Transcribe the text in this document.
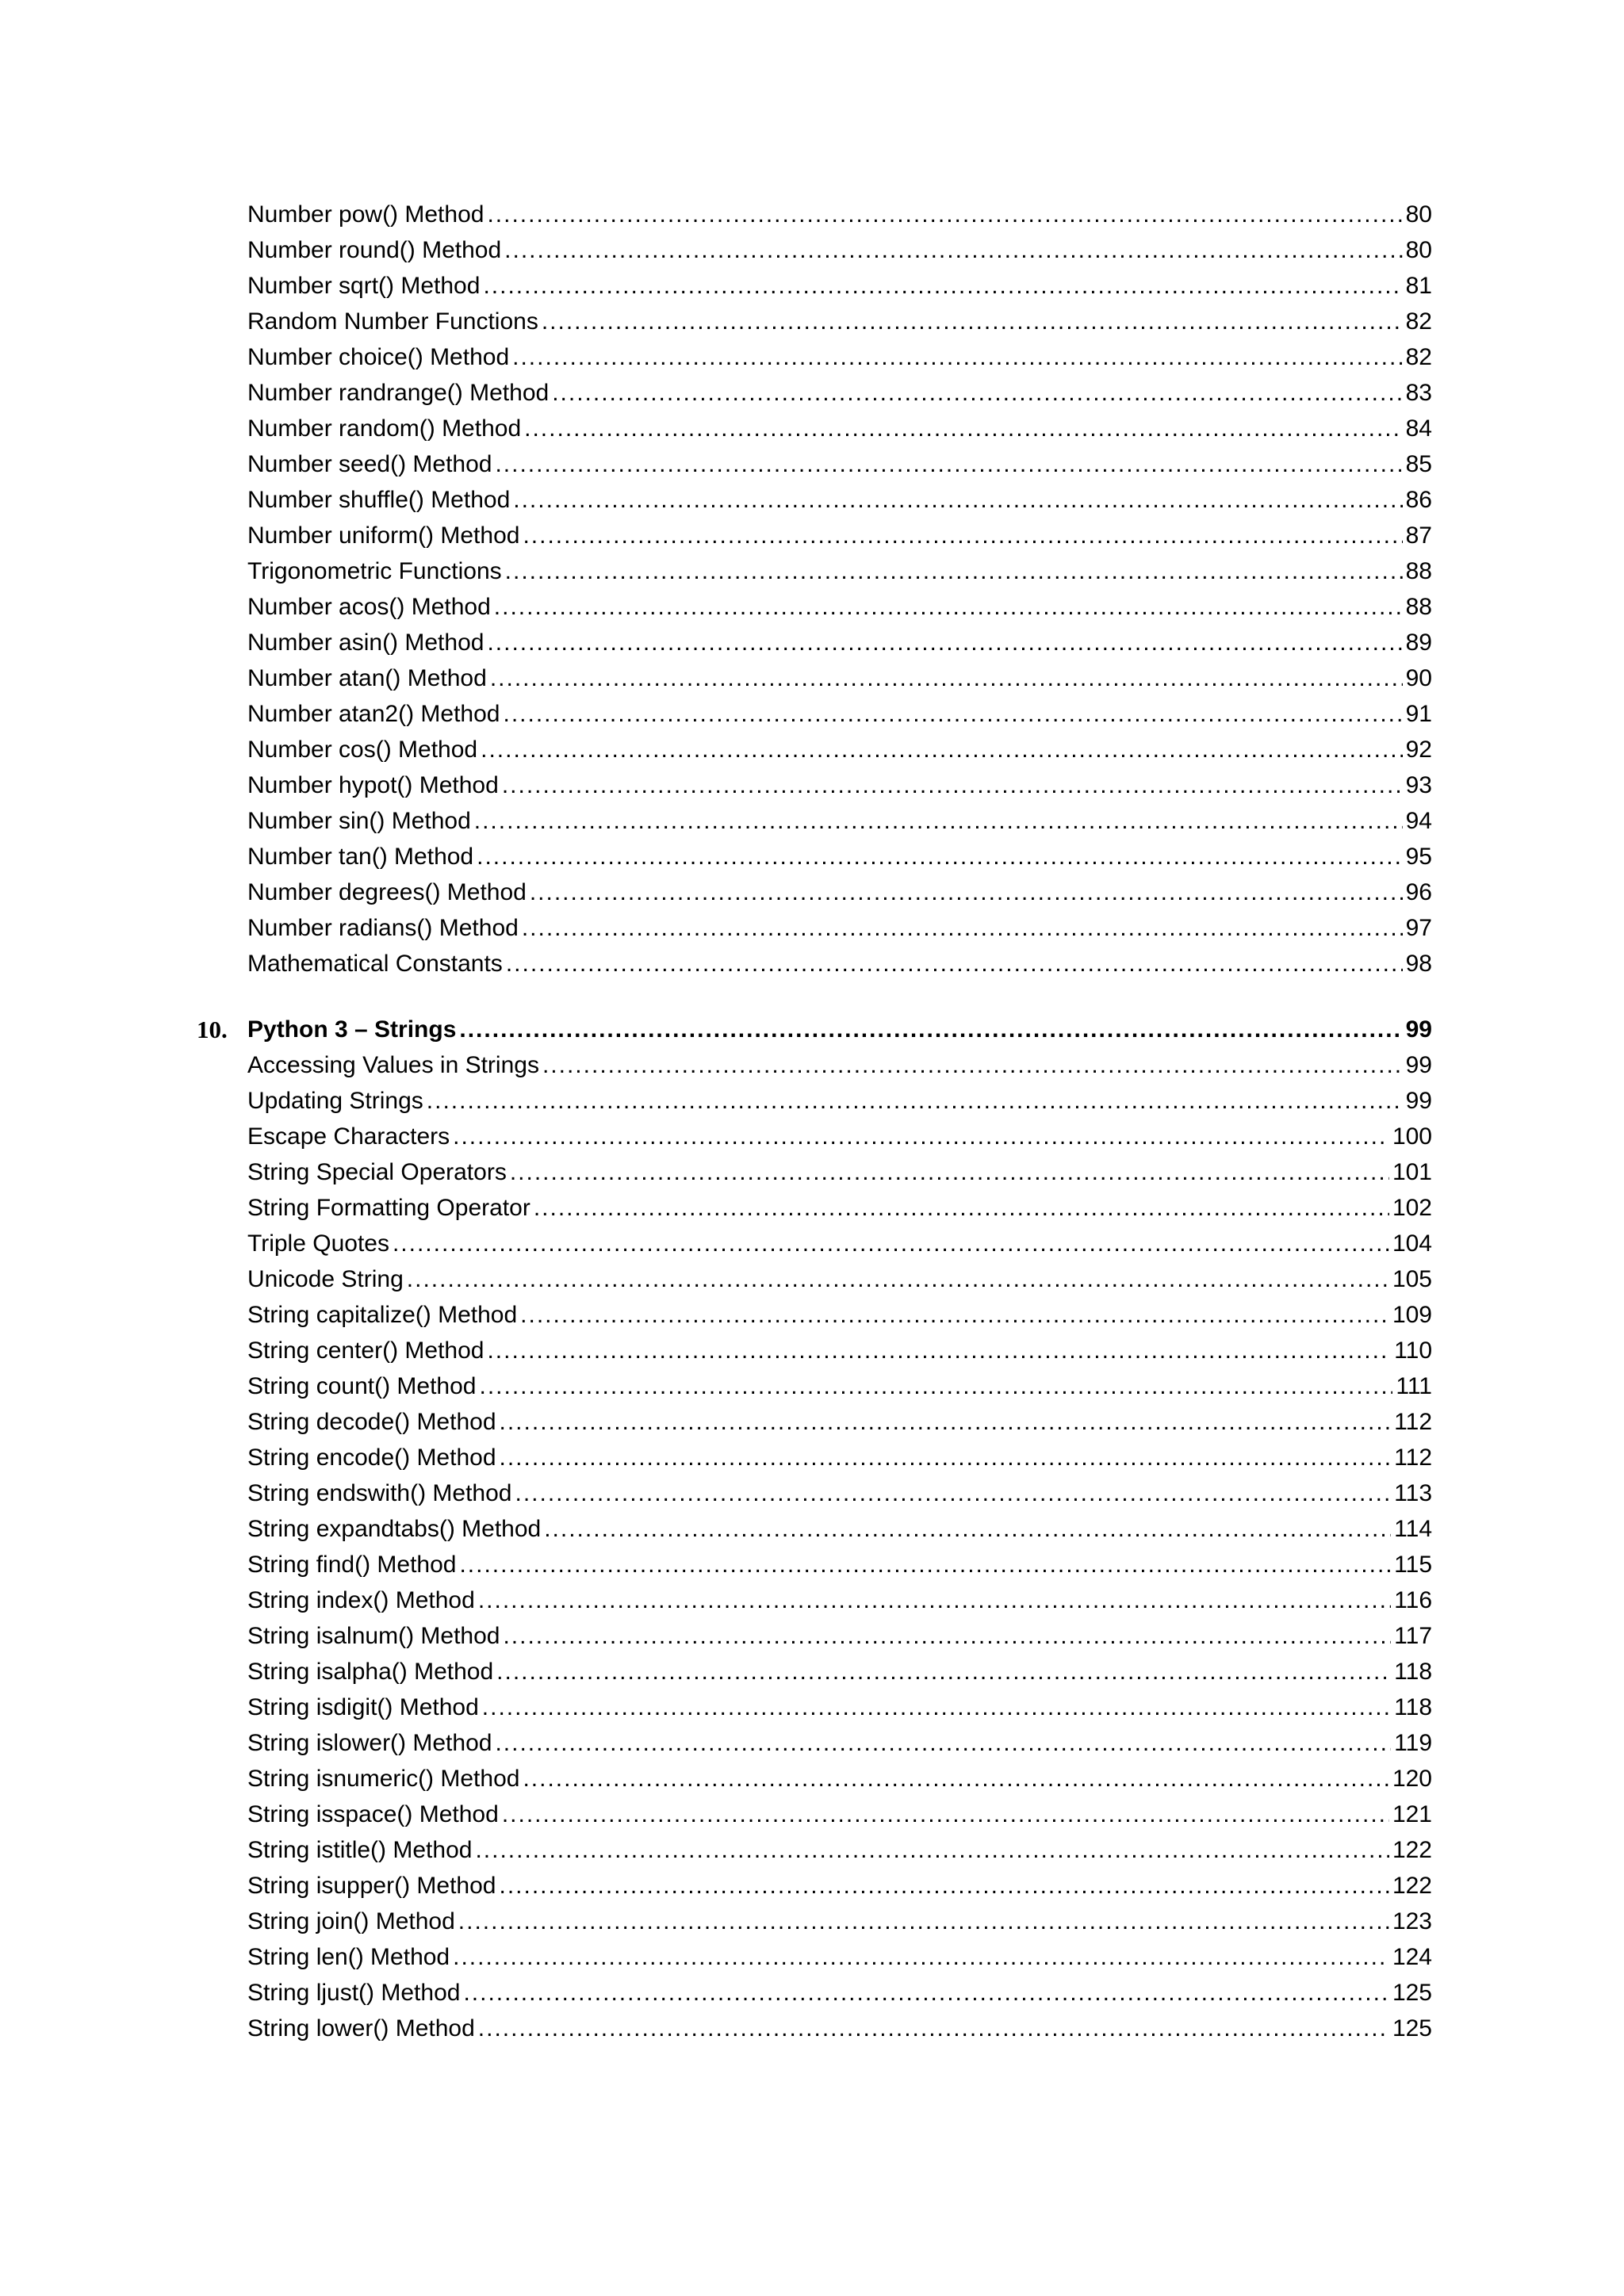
Number pow() Method .....	80
Number round() Method .....	80
Number sqrt() Method .....	81
Random Number Functions .....	82
Number choice() Method .....	82
Number randrange() Method .....	83
Number random() Method .....	84
Number seed() Method .....	85
Number shuffle() Method .....	86
Number uniform() Method .....	87
Trigonometric Functions .....	88
Number acos() Method .....	88
Number asin() Method .....	89
Number atan() Method .....	90
Number atan2() Method .....	91
Number cos() Method .....	92
Number hypot() Method .....	93
Number sin() Method .....	94
Number tan() Method .....	95
Number degrees() Method .....	96
Number radians() Method .....	97
Mathematical Constants .....	98
10. Python 3 – Strings .....	99
Accessing Values in Strings .....	99
Updating Strings .....	99
Escape Characters .....	100
String Special Operators .....	101
String Formatting Operator .....	102
Triple Quotes .....	104
Unicode String .....	105
String capitalize() Method .....	109
String center() Method .....	110
String count() Method .....	111
String decode() Method .....	112
String encode() Method .....	112
String endswith() Method .....	113
String expandtabs() Method .....	114
String find() Method .....	115
String index() Method .....	116
String isalnum() Method .....	117
String isalpha() Method .....	118
String isdigit() Method .....	118
String islower() Method .....	119
String isnumeric() Method .....	120
String isspace() Method .....	121
String istitle() Method .....	122
String isupper() Method .....	122
String join() Method .....	123
String len() Method .....	124
String ljust() Method .....	125
String lower() Method .....	125
